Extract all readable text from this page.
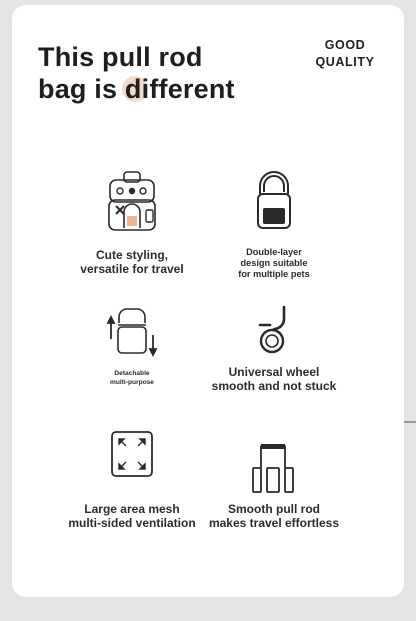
This pull rod
bag is different
GOOD
QUALITY
Cute styling,
versatile for travel
Double-layer
design suitable
for multiple pets
Detachable
multi-purpose
Universal wheel
smooth and not stuck
Large area mesh
multi-sided ventilation
Smooth pull rod
makes travel effortless
